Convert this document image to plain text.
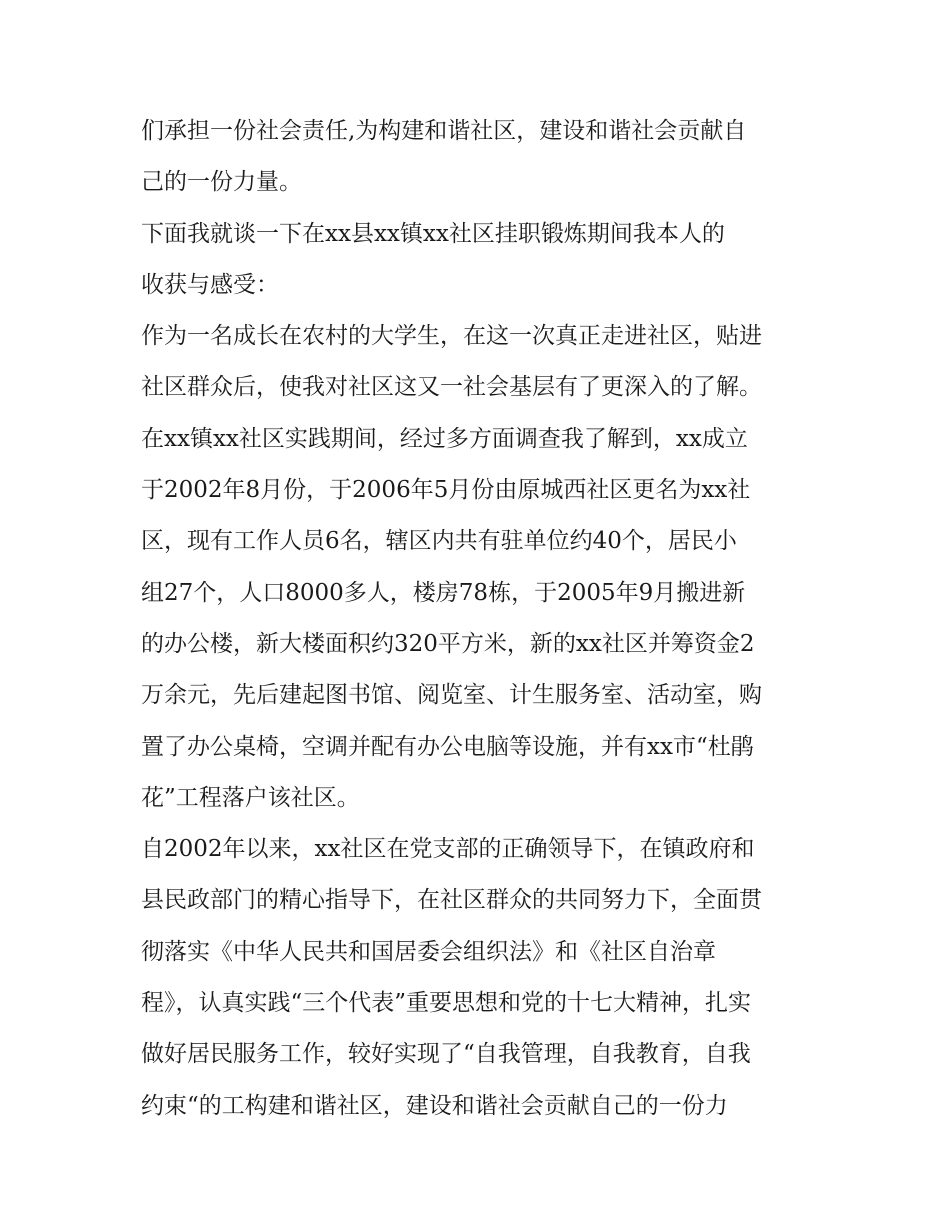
们承担一份社会责任,为构建和谐社区，建设和谐社会贡献自
己的一份力量。
下面我就谈一下在xx县xx镇xx社区挂职锻炼期间我本人的
收获与感受：
作为一名成长在农村的大学生，在这一次真正走进社区，贴进
社区群众后，使我对社区这又一社会基层有了更深入的了解。
在xx镇xx社区实践期间，经过多方面调查我了解到，xx成立
于2002年8月份，于2006年5月份由原城西社区更名为xx社
区，现有工作人员6名，辖区内共有驻单位约40个，居民小
组27个，人口8000多人，楼房78栋，于2005年9月搬进新
的办公楼，新大楼面积约320平方米，新的xx社区并筹资金2
万余元，先后建起图书馆、阅览室、计生服务室、活动室，购
置了办公桌椅，空调并配有办公电脑等设施，并有xx市“杜鹃
花”工程落户该社区。
自2002年以来，xx社区在党支部的正确领导下，在镇政府和
县民政部门的精心指导下，在社区群众的共同努力下，全面贯
彻落实《中华人民共和国居委会组织法》和《社区自治章
程》，认真实践“三个代表”重要思想和党的十七大精神，扎实
做好居民服务工作，较好实现了“自我管理，自我教育，自我
约束“的工构建和谐社区，建设和谐社会贡献自己的一份力
